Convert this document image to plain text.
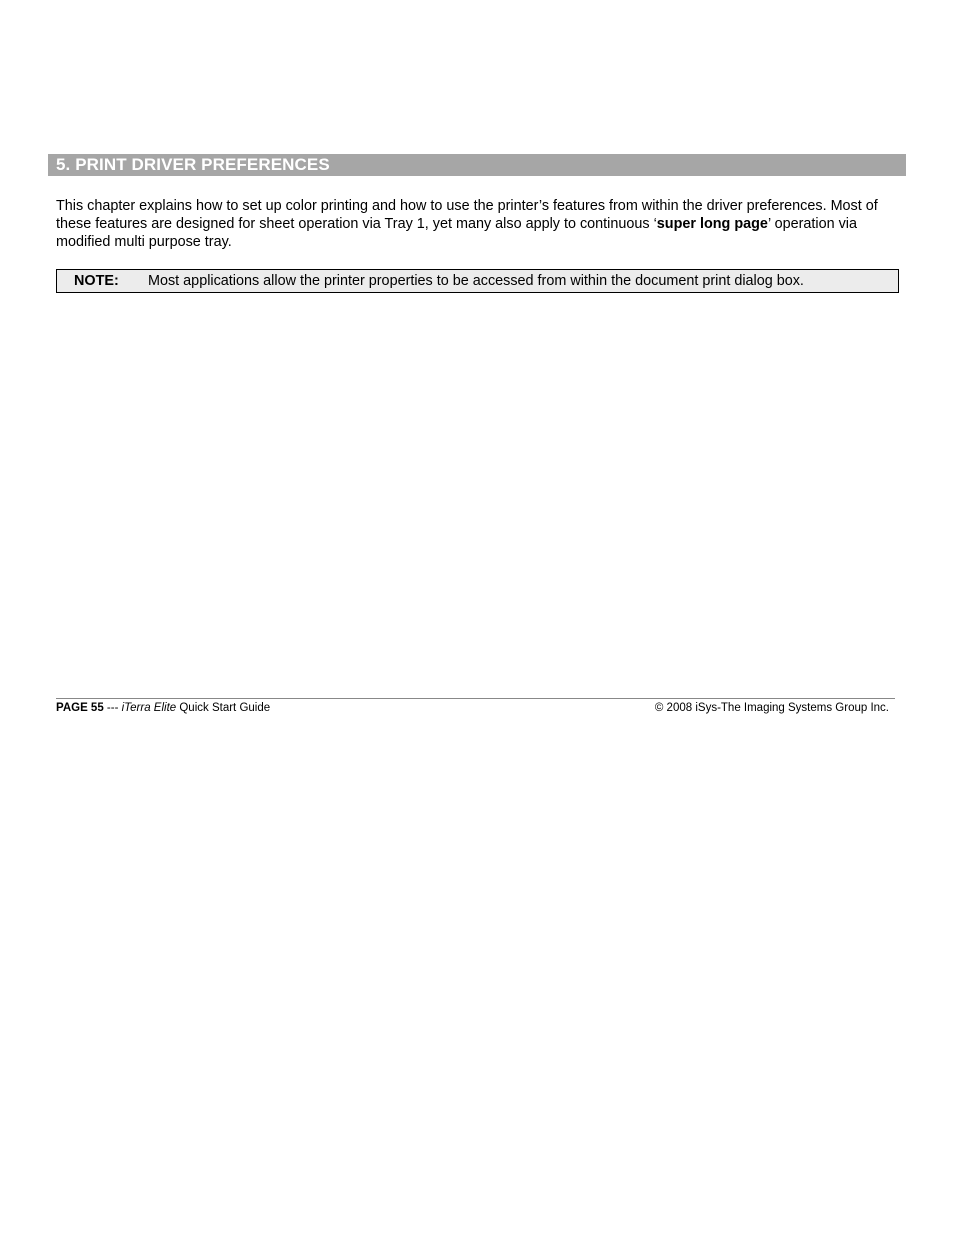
5. PRINT DRIVER PREFERENCES

This chapter explains how to set up color printing and how to use the printer’s features from within the driver preferences. Most of these features are designed for sheet operation via Tray 1, yet many also apply to continuous ‘super long page’ operation via modified multi purpose tray.

NOTE: Most applications allow the printer properties to be accessed from within the document print dialog box.
PAGE 55 --- iTerra Elite Quick Start Guide	© 2008 iSys-The Imaging Systems Group Inc.
